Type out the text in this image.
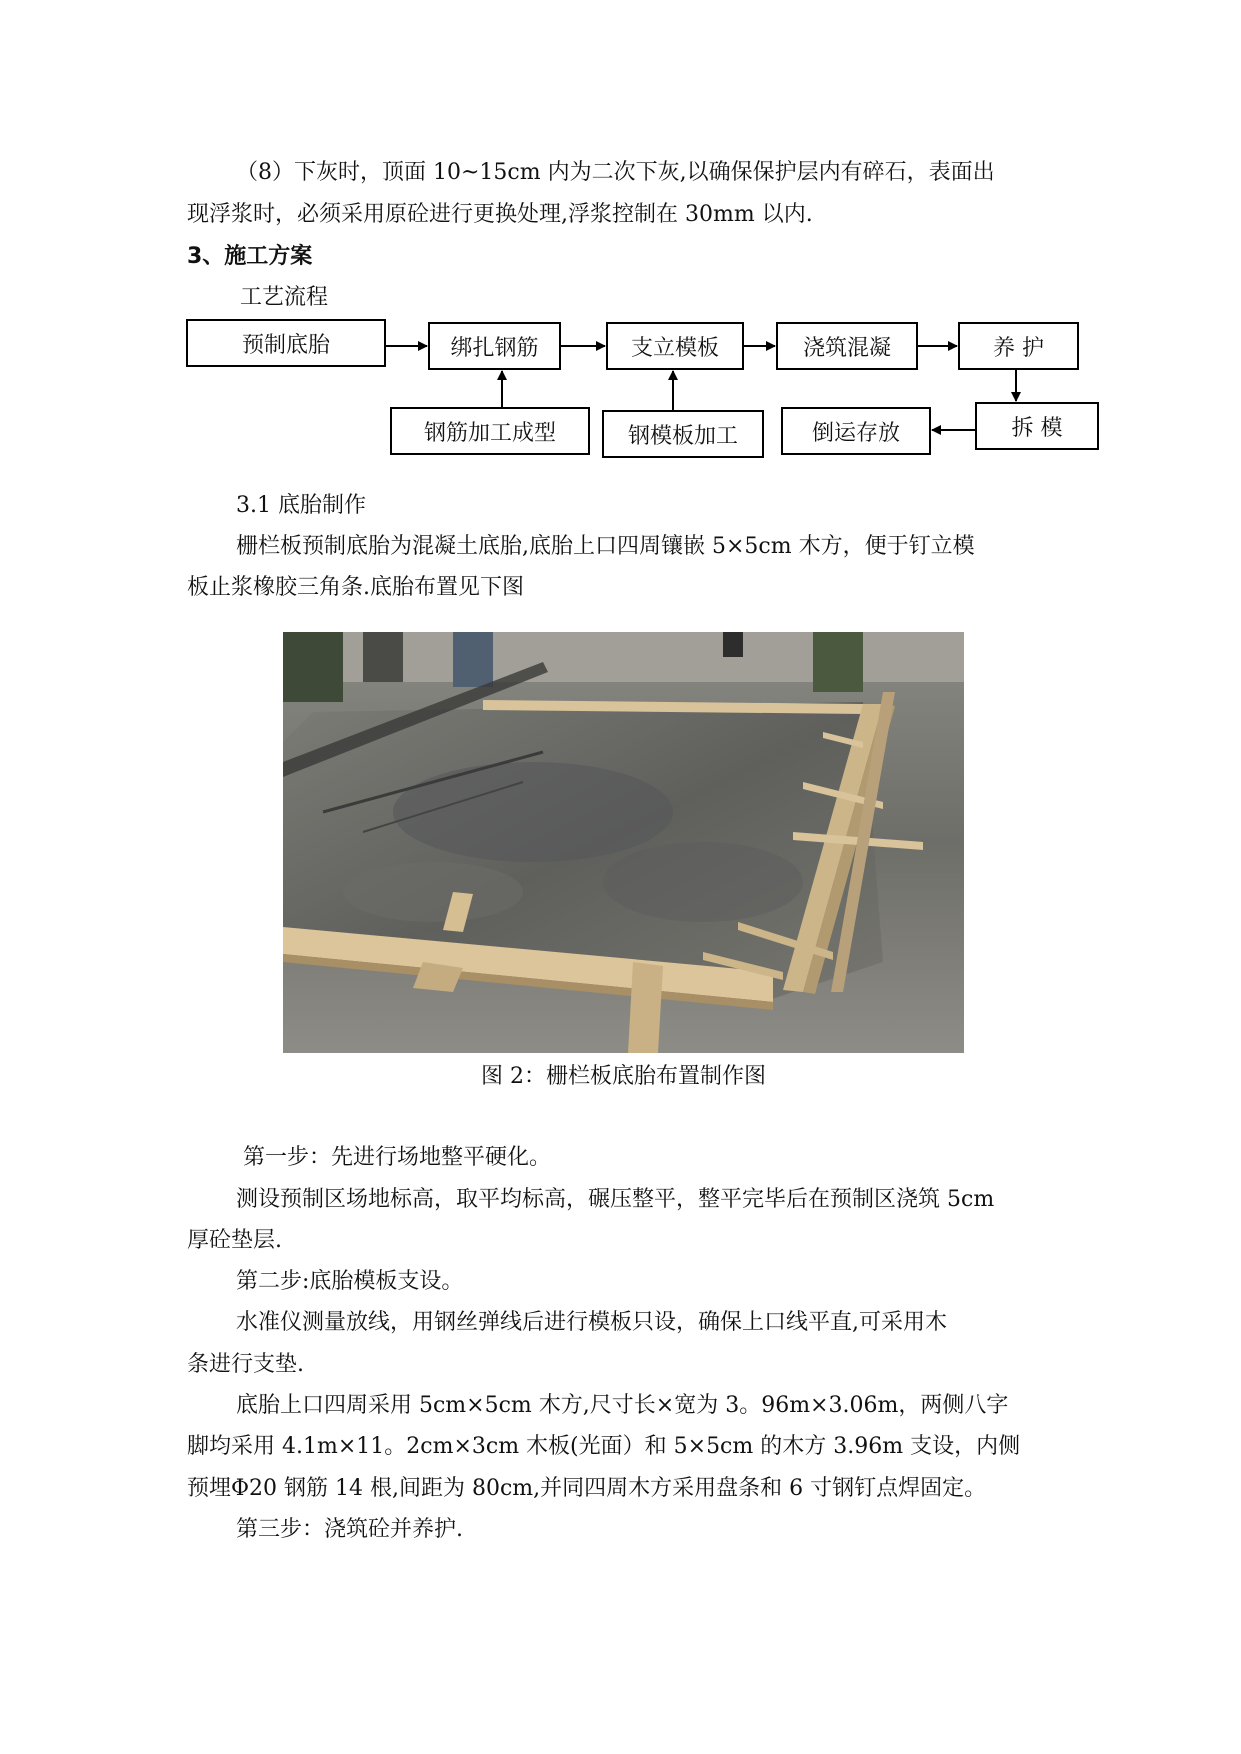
（8）下灰时，顶面 10~15cm 内为二次下灰,以确保保护层内有碎石，表面出
现浮浆时，必须采用原砼进行更换处理,浮浆控制在 30mm 以内.
3、施工方案
工艺流程
预制底胎	绑扎钢筋	支立模板	浇筑混凝	养 护
钢筋加工成型	钢模板加工	倒运存放	拆 模
3.1 底胎制作
栅栏板预制底胎为混凝土底胎,底胎上口四周镶嵌 5×5cm 木方，便于钉立模
板止浆橡胶三角条.底胎布置见下图
图 2：栅栏板底胎布置制作图
第一步：先进行场地整平硬化。
测设预制区场地标高，取平均标高，碾压整平，整平完毕后在预制区浇筑 5cm
厚砼垫层.
第二步:底胎模板支设。
水准仪测量放线，用钢丝弹线后进行模板只设，确保上口线平直,可采用木
条进行支垫.
底胎上口四周采用 5cm×5cm 木方,尺寸长×宽为 3。96m×3.06m，两侧八字
脚均采用 4.1m×11。2cm×3cm 木板(光面）和 5×5cm 的木方 3.96m 支设，内侧
预埋Φ20 钢筋 14 根,间距为 80cm,并同四周木方采用盘条和 6 寸钢钉点焊固定。
第三步：浇筑砼并养护.
